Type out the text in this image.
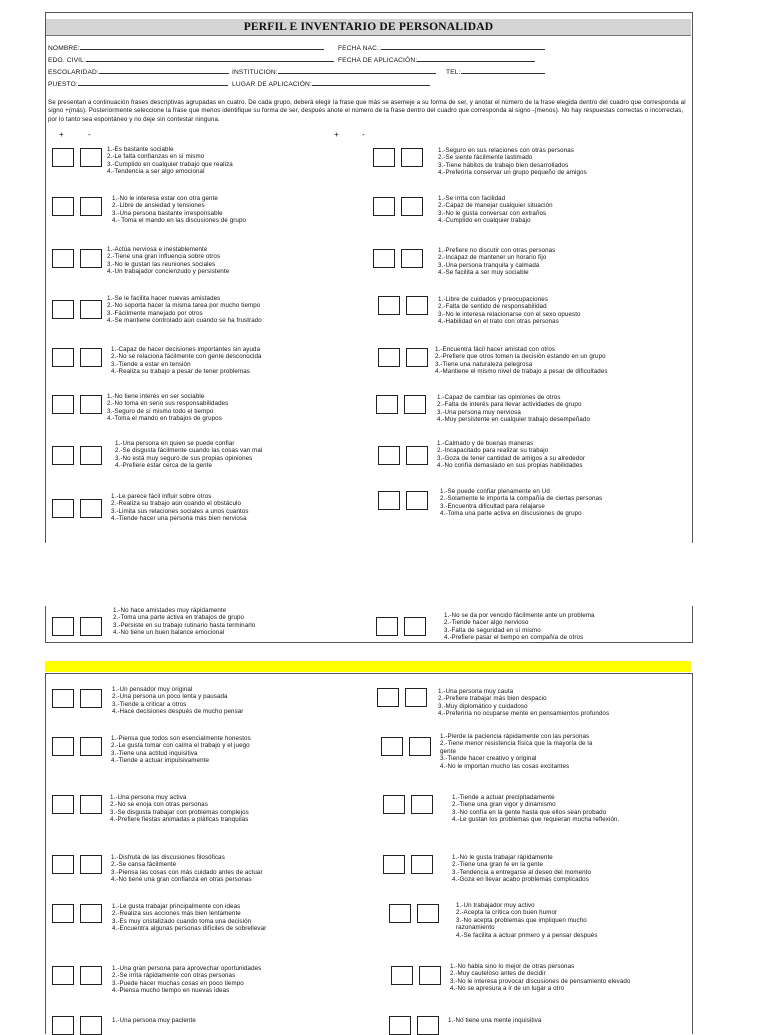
PERFIL E INVENTARIO DE PERSONALIDAD
NOMBRE:	FECHA NAC.:
EDO. CIVIL:	FECHA DE APLICACIÓN:
ESCOLARIDAD:	INSTITUCION:	TEL:
PUESTO:	LUGAR DE APLICACIÓN:
Se presentan a continuación frases descriptivas agrupadas en cuatro. De cada grupo, deberá elegir la frase que más se asemeje a su forma de ser, y anotar el número de la frase elegida dentro del cuadro que corresponda al signo +(más). Posteriormente seleccione la frase que menos identifique su forma de ser, después anote el número de la frase dentro del cuadro que corresponda al signo -(menos). No hay respuestas correctas o incorrectas, por lo tanto sea espontáneo y no deje sin contestar ninguna.
+	-	+	-
1.-Es bastante sociable
2.-Le falta confianzas en sí mismo
3.-Cumplido en cualquier trabajo que realiza
4.-Tendencia a ser algo emocional
1.-Seguro en sus relaciones con otras personas
2.-Se siente fácilmente lastimado
3.-Tiene hábitos de trabajo bien desarrollados
4.-Preferiría conservar un grupo pequeño de amigos
1.-No le interesa estar con otra gente
2.-Libre de ansiedad y tensiones
3.-Una persona bastante irresponsable
4.- Toma el mando en las discusiones de grupo
1.-Se irrita con facilidad
2.-Capaz de manejar cualquier situación
3.-No le gusta conversar con extraños
4.-Cumplido en cualquier trabajo
1.-Actúa nerviosa e inestablemente
2.-Tiene una gran influencia sobre otros
3.-No le gustan las reuniones sociales
4.-Un trabajador concienzudo y persistente
1.-Prefiere no discutir con otras personas
2.-Incapaz de mantener un horario fijo
3.-Una persona tranquila y calmada
4.-Se facilita a ser muy sociable
1.-Se le facilita hacer nuevas amistades
2.-No soporta hacer la misma tarea por mucho tiempo
3.-Fácilmente manejado por otros
4.-Se mantiene controlado aún cuando se ha frustrado
1.-Libre de cuidados y preocupaciones
2.-Falta de sentido de responsabilidad
3.-No le interesa relacionarse con el sexo opuesto
4.-Habilidad en el trato con otras personas
1.-Capaz de hacer decisiones importantes sin ayuda
2.-No se relaciona fácilmente con gente desconocida
3.-Tiende a estar en tensión
4.-Realiza su trabajo a pesar de tener problemas
1.-Encuentra fácil hacer amistad con otros
2.-Prefiere que otros tomen la decisión estando en un grupo
3.-Tiene una naturaleza pelegrosa
4.-Mantiene el mismo nivel de trabajo a pesar de dificultades
1.-No tiene interés en ser sociable
2.-No toma en serio sus responsabilidades
3.-Seguro de sí mismo todo el tiempo
4.-Toma el mando en trabajos de grupos
1.-Capaz de cambiar las opiniones de otros
2.-Falta de interés para llevar actividades de grupo
3.-Una persona muy nerviosa
4.-Muy persistente en cualquier trabajo desempeñado
1.-Una persona en quien se puede confiar
2.-Se disgusta fácilmente cuando las cosas van mal
3.-No está muy seguro de sus propias opiniones
4.-Prefiere estar cerca de la gente
1.-Calmado y de buenas maneras
2.-Incapacitado para realizar su trabajo
3.-Goza de tener cantidad de amigos a su alrededor
4.-No confía demasiado en sus propias habilidades
1.-Le parece fácil influir sobre otros
2.-Realiza su trabajo aún cuando el obstáculo
3.-Limita sus relaciones sociales a unos cuantos
4.-Tiende hacer una persona más bien nerviosa
1.-Se puede confiar plenamente en Ud
2.-Solamente le importa la compañía de ciertas personas
3.-Encuentra dificultad para relajarse
4.-Toma una parte activa en discusiones de grupo
1.-No hace amistades muy rápidamente
2.-Toma una parte activa en trabajos de grupo
3.-Persiste en su trabajo rutinario hasta terminarlo
4.-No tiene un buen balance emocional
1.-No se da por vencido fácilmente ante un problema
2.-Tiende hacer algo nervioso
3.-Falta de seguridad en sí mismo
4.-Prefiere pasar el tiempo en compañía de otros
1.-Un pensador muy original
2.-Una persona un poco lenta y pausada
3.-Tiende a criticar a otros
4.-Hace decisiones después de mucho pensar
1.-Una persona muy cauta
2.-Prefiere trabajar más bien despacio
3.-Muy diplomático y cuidadoso
4.-Preferiría no ocuparse mente en pensamientos profundos
1.-Piensa que todos son esencialmente honestos
2.-Le gusta tomar con calma el trabajo y el juego
3.-Tiene una actitud inquisitiva
4.-Tiende a actuar impulsivamente
1.-Pierde la paciencia rápidamente con las personas
2.-Tiene menor resistencia física que la mayoría de la
gente
3.-Tiende hacer creativo y original
4.-No le importan mucho las cosas excitantes
1.-Una persona muy activa
2.-No se enoja con otras personas
3.-Se disgusta trabajar con problemas complejos
4.-Prefiere fiestas animadas a pláticas tranquilas
1.-Tiende a actuar precipitadamente
2.-Tiene una gran vigor y dinamismo
3.-No confía en la gente hasta que ellos sean probado
4.-Le gustan los problemas que requieran mucha reflexión.
1.-Disfruta de las discusiones filosóficas
2.-Se cansa fácilmente
3.-Piensa las cosas con más cuidado antes de actuar
4.-No tiene una gran confianza en otras personas
1.-No le gusta trabajar rápidamente
2.-Tiene una gran fe en la gente
3.-Tendencia a entregarse al deseo del momento
4.-Goza en llevar acabo problemas complicados
1.-Le gusta trabajar principalmente con ideas
2.-Realiza sus acciones más bien lentamente
3.-Es muy cristalizado cuando toma una decisión
4.-Encuentra algunas personas difíciles de sobrellevar
1.-Un trabajador muy activo
2.-Acepta la crítica con buen humor
3.-No acepta problemas que impliquen mucho
razonamiento
4.-Se facilita a actuar primero y a pensar después
1.-Una gran persona para aprovechar oportunidades
2.-Se irrita rápidamente con otras personas
3.-Puede hacer muchas cosas en poco tiempo
4.-Piensa mucho tiempo en nuevas ideas
1.-No habla sino lo mejor de otras personas
2.-Muy cauteloso antes de decidir
3.-No le interesa provocar discusiones de pensamiento elevado
4.-No se apresura a ir de un lugar a otro
1.-Una persona muy paciente	1.-No tiene una mente inquisitiva
